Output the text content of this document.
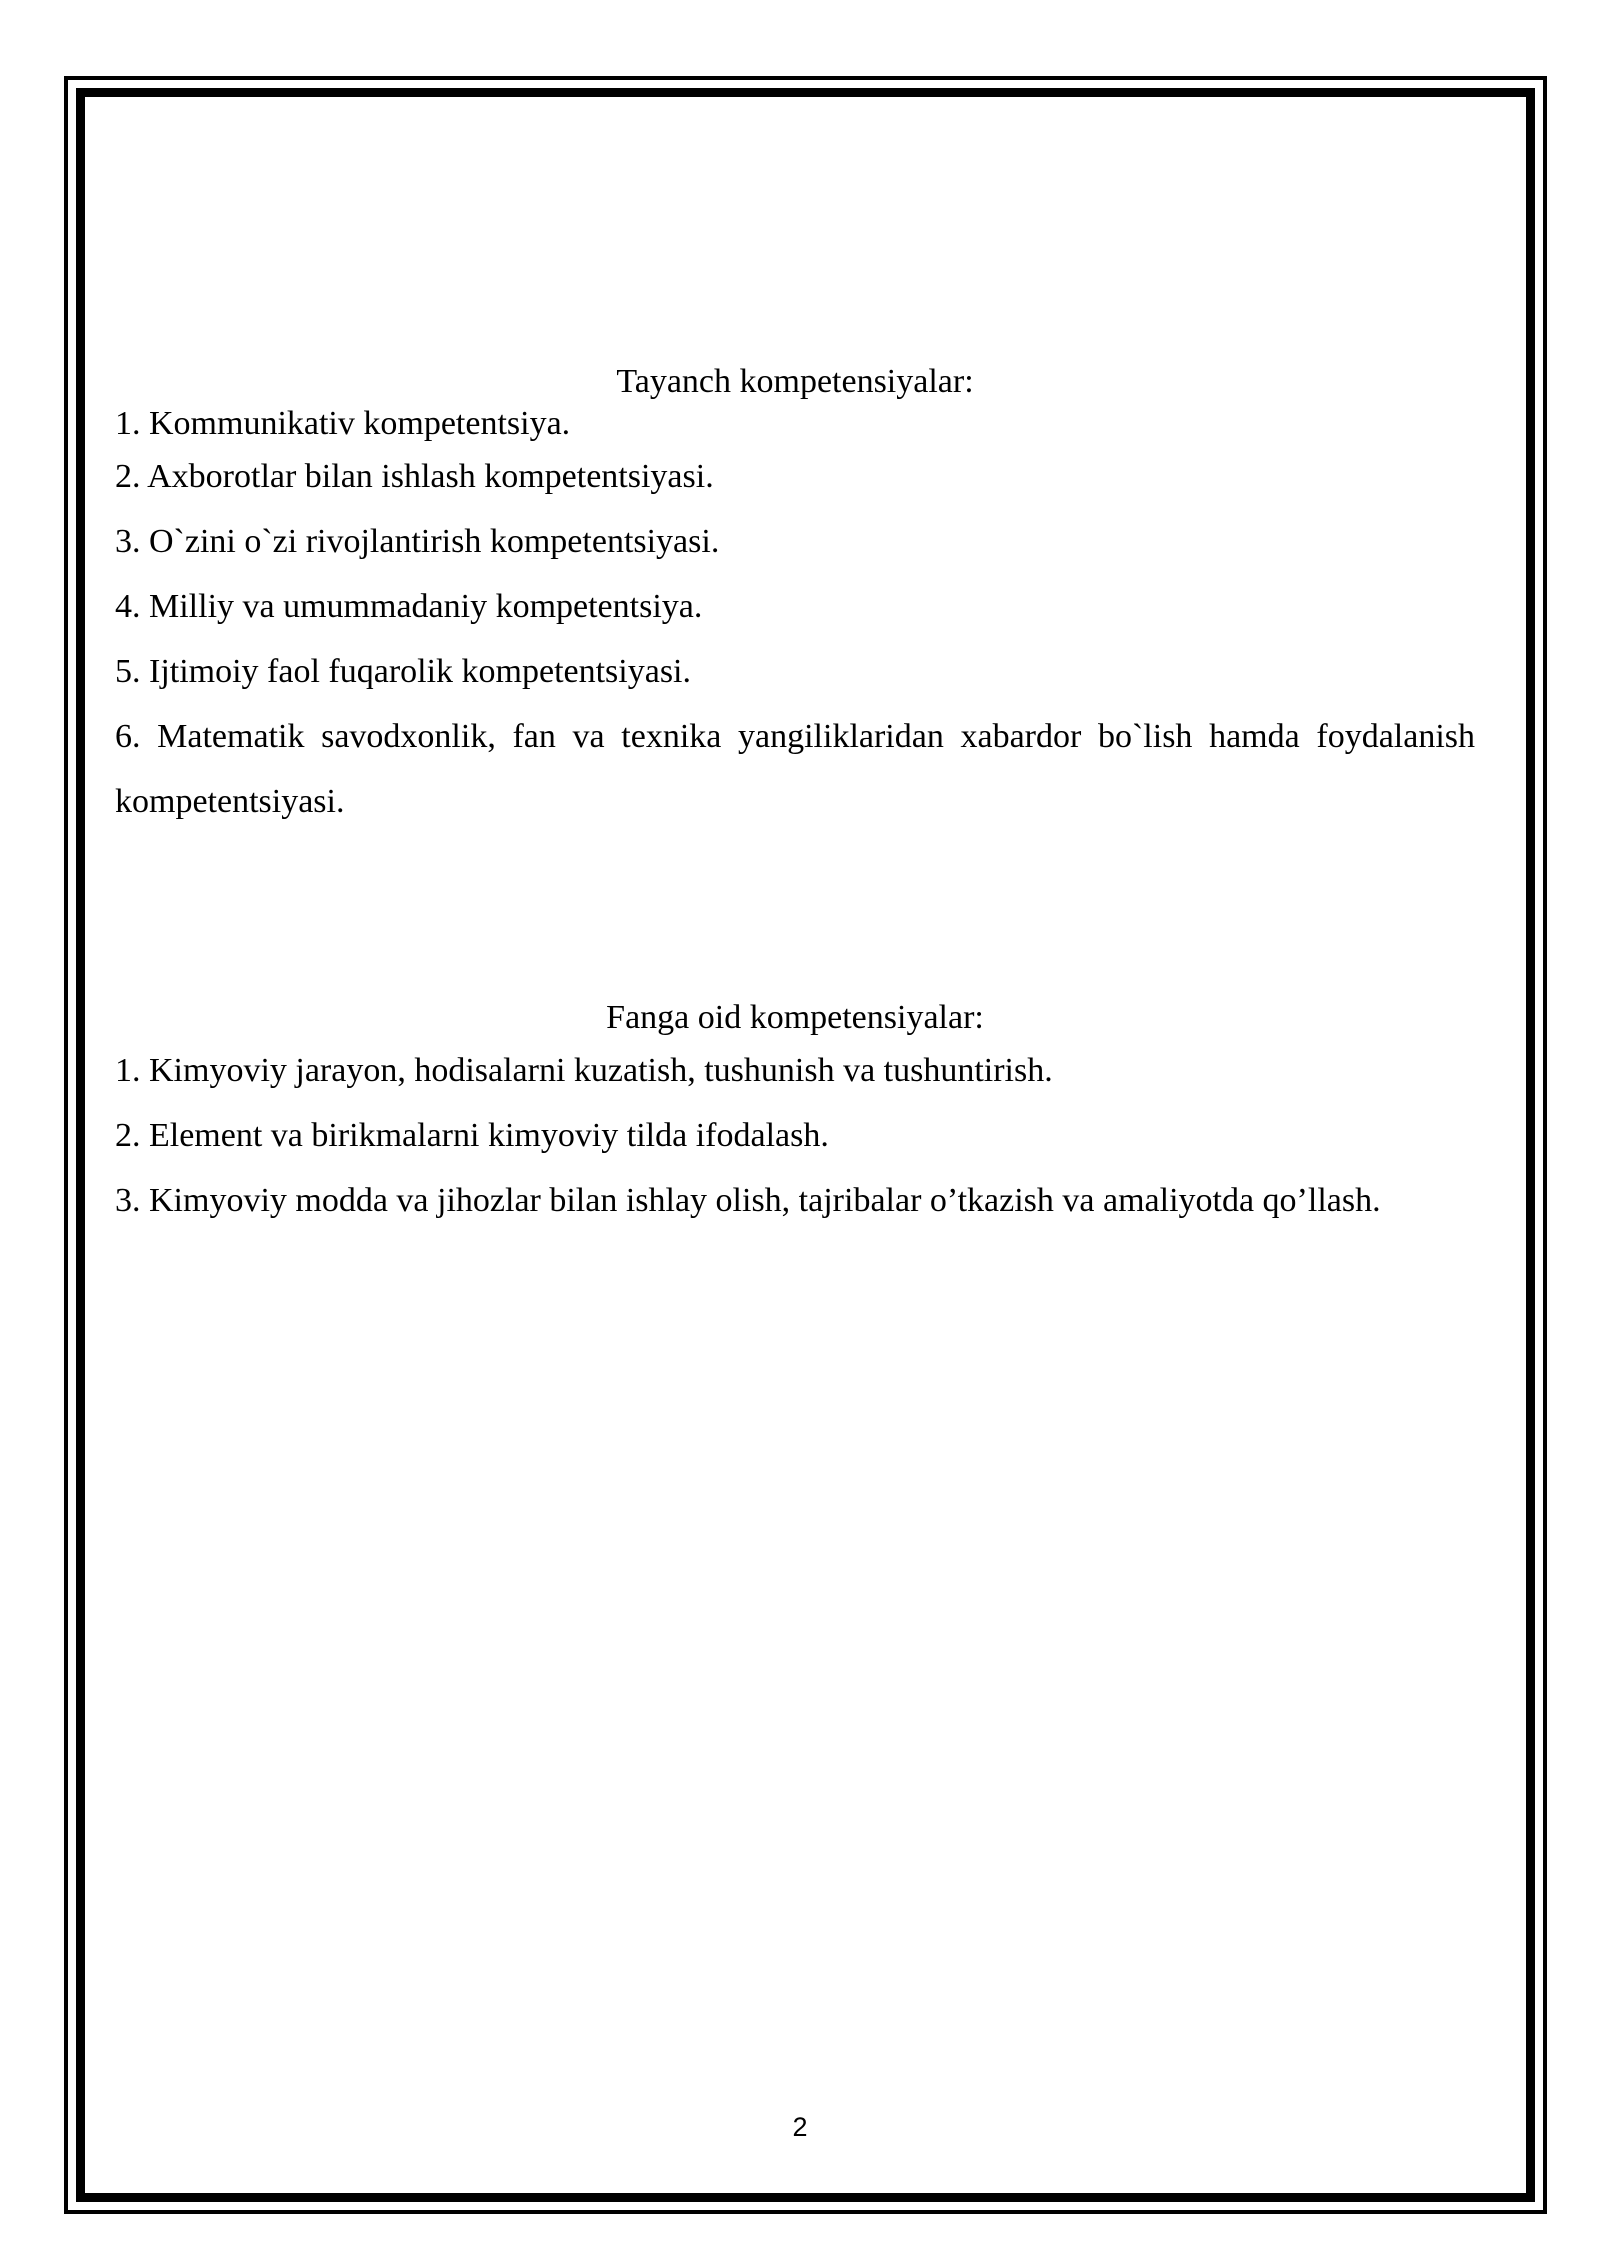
Tayanch kompetensiyalar:

1. Kommunikativ kompetentsiya.

2. Axborotlar bilan ishlash kompetentsiyasi.

3. O`zini o`zi rivojlantirish kompetentsiyasi.

4. Milliy va umummadaniy kompetentsiya.

5. Ijtimoiy faol fuqarolik kompetentsiyasi.

6. Matematik savodxonlik, fan va texnika yangiliklaridan xabardor bo`lish hamda foydalanish kompetentsiyasi.

Fanga oid kompetensiyalar:

1. Kimyoviy jarayon, hodisalarni kuzatish, tushunish va tushuntirish.

2. Element va birikmalarni kimyoviy tilda ifodalash.

3. Kimyoviy modda va jihozlar bilan ishlay olish, tajribalar o’tkazish va amaliyotda qo’llash.

2
